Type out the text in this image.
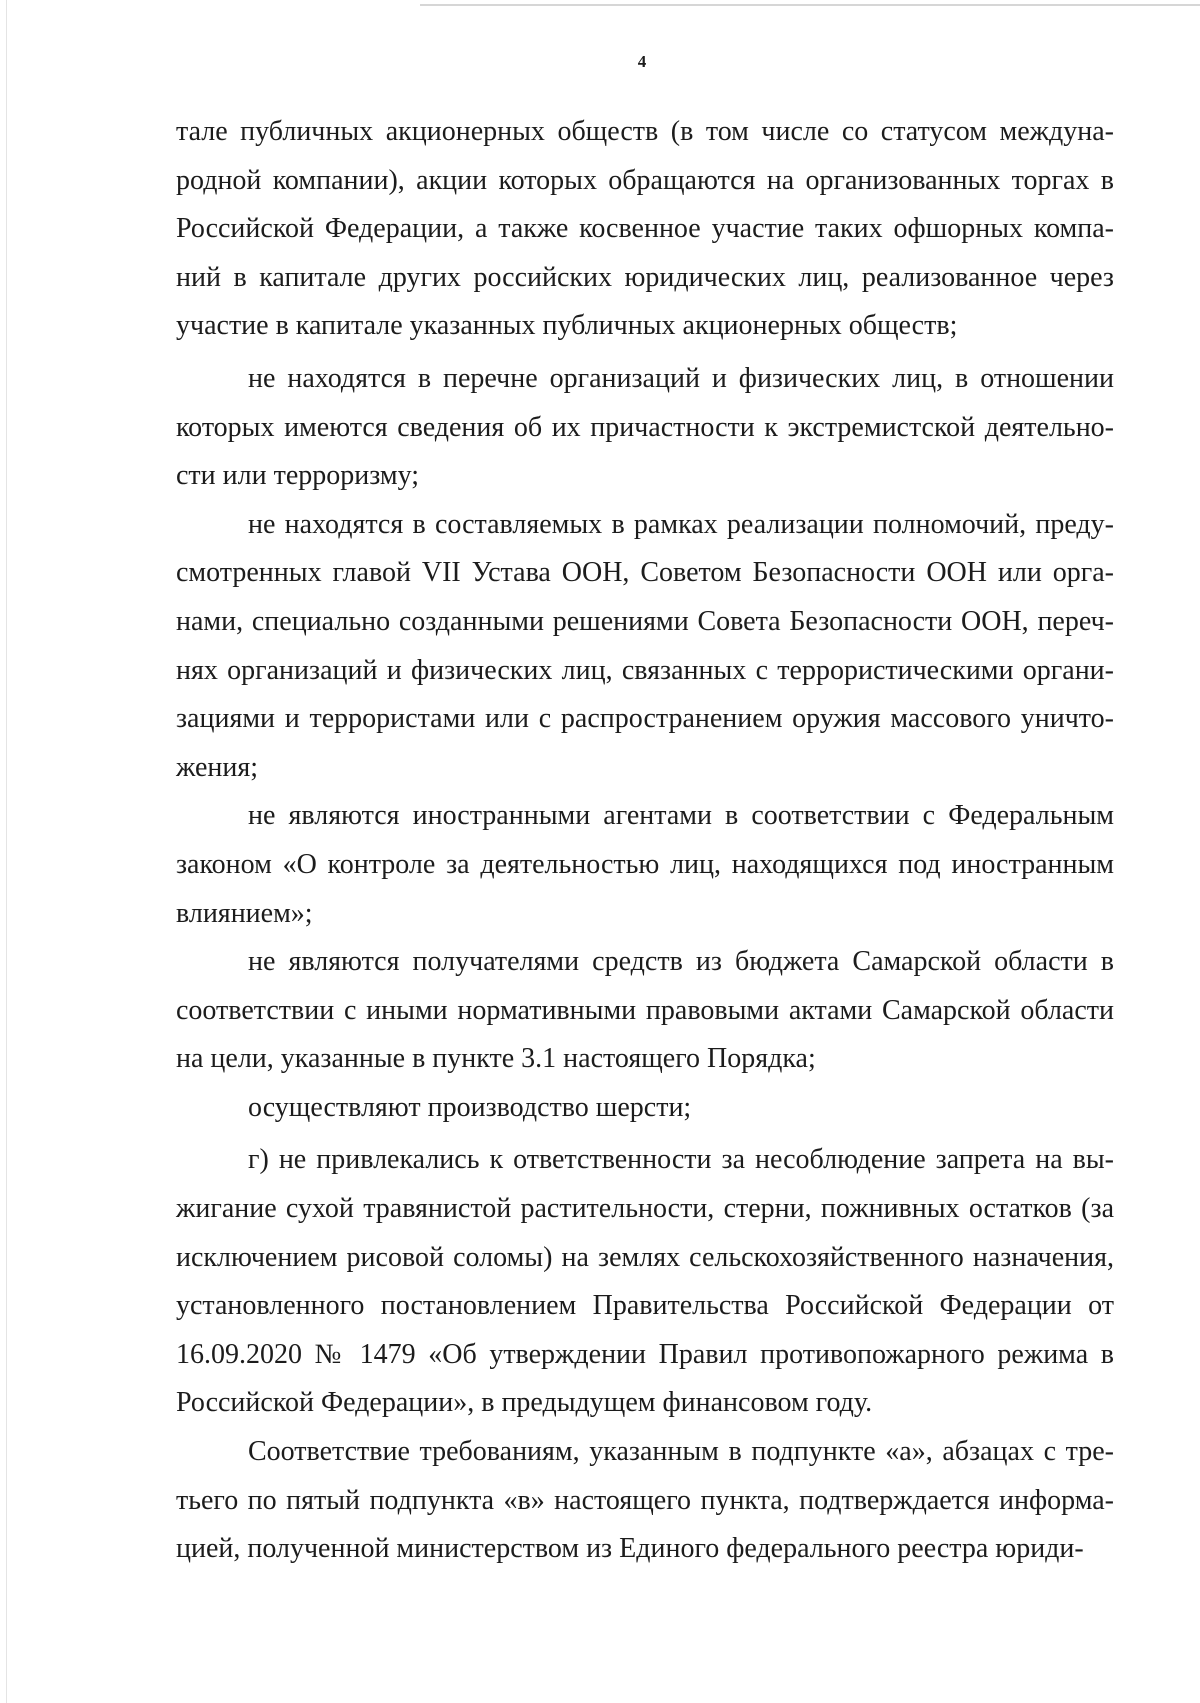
4
тале публичных акционерных обществ (в том числе со статусом междуна-
родной компании), акции которых обращаются на организованных торгах в
Российской Федерации, а также косвенное участие таких офшорных компа-
ний в капитале других российских юридических лиц, реализованное через
участие в капитале указанных публичных акционерных обществ;
не находятся в перечне организаций и физических лиц, в отношении
которых имеются сведения об их причастности к экстремистской деятельно-
сти или терроризму;
не находятся в составляемых в рамках реализации полномочий, преду-
смотренных главой VII Устава ООН, Советом Безопасности ООН или орга-
нами, специально созданными решениями Совета Безопасности ООН, переч-
нях организаций и физических лиц, связанных с террористическими органи-
зациями и террористами или с распространением оружия массового уничто-
жения;
не являются иностранными агентами в соответствии с Федеральным
законом «О контроле за деятельностью лиц, находящихся под иностранным
влиянием»;
не являются получателями средств из бюджета Самарской области в
соответствии с иными нормативными правовыми актами Самарской области
на цели, указанные в пункте 3.1 настоящего Порядка;
осуществляют производство шерсти;
г) не привлекались к ответственности за несоблюдение запрета на вы-
жигание сухой травянистой растительности, стерни, пожнивных остатков (за
исключением рисовой соломы) на землях сельскохозяйственного назначения,
установленного постановлением Правительства Российской Федерации от
16.09.2020 № 1479 «Об утверждении Правил противопожарного режима в
Российской Федерации», в предыдущем финансовом году.
Соответствие требованиям, указанным в подпункте «а», абзацах с тре-
тьего по пятый подпункта «в» настоящего пункта, подтверждается информа-
цией, полученной министерством из Единого федерального реестра юриди-
